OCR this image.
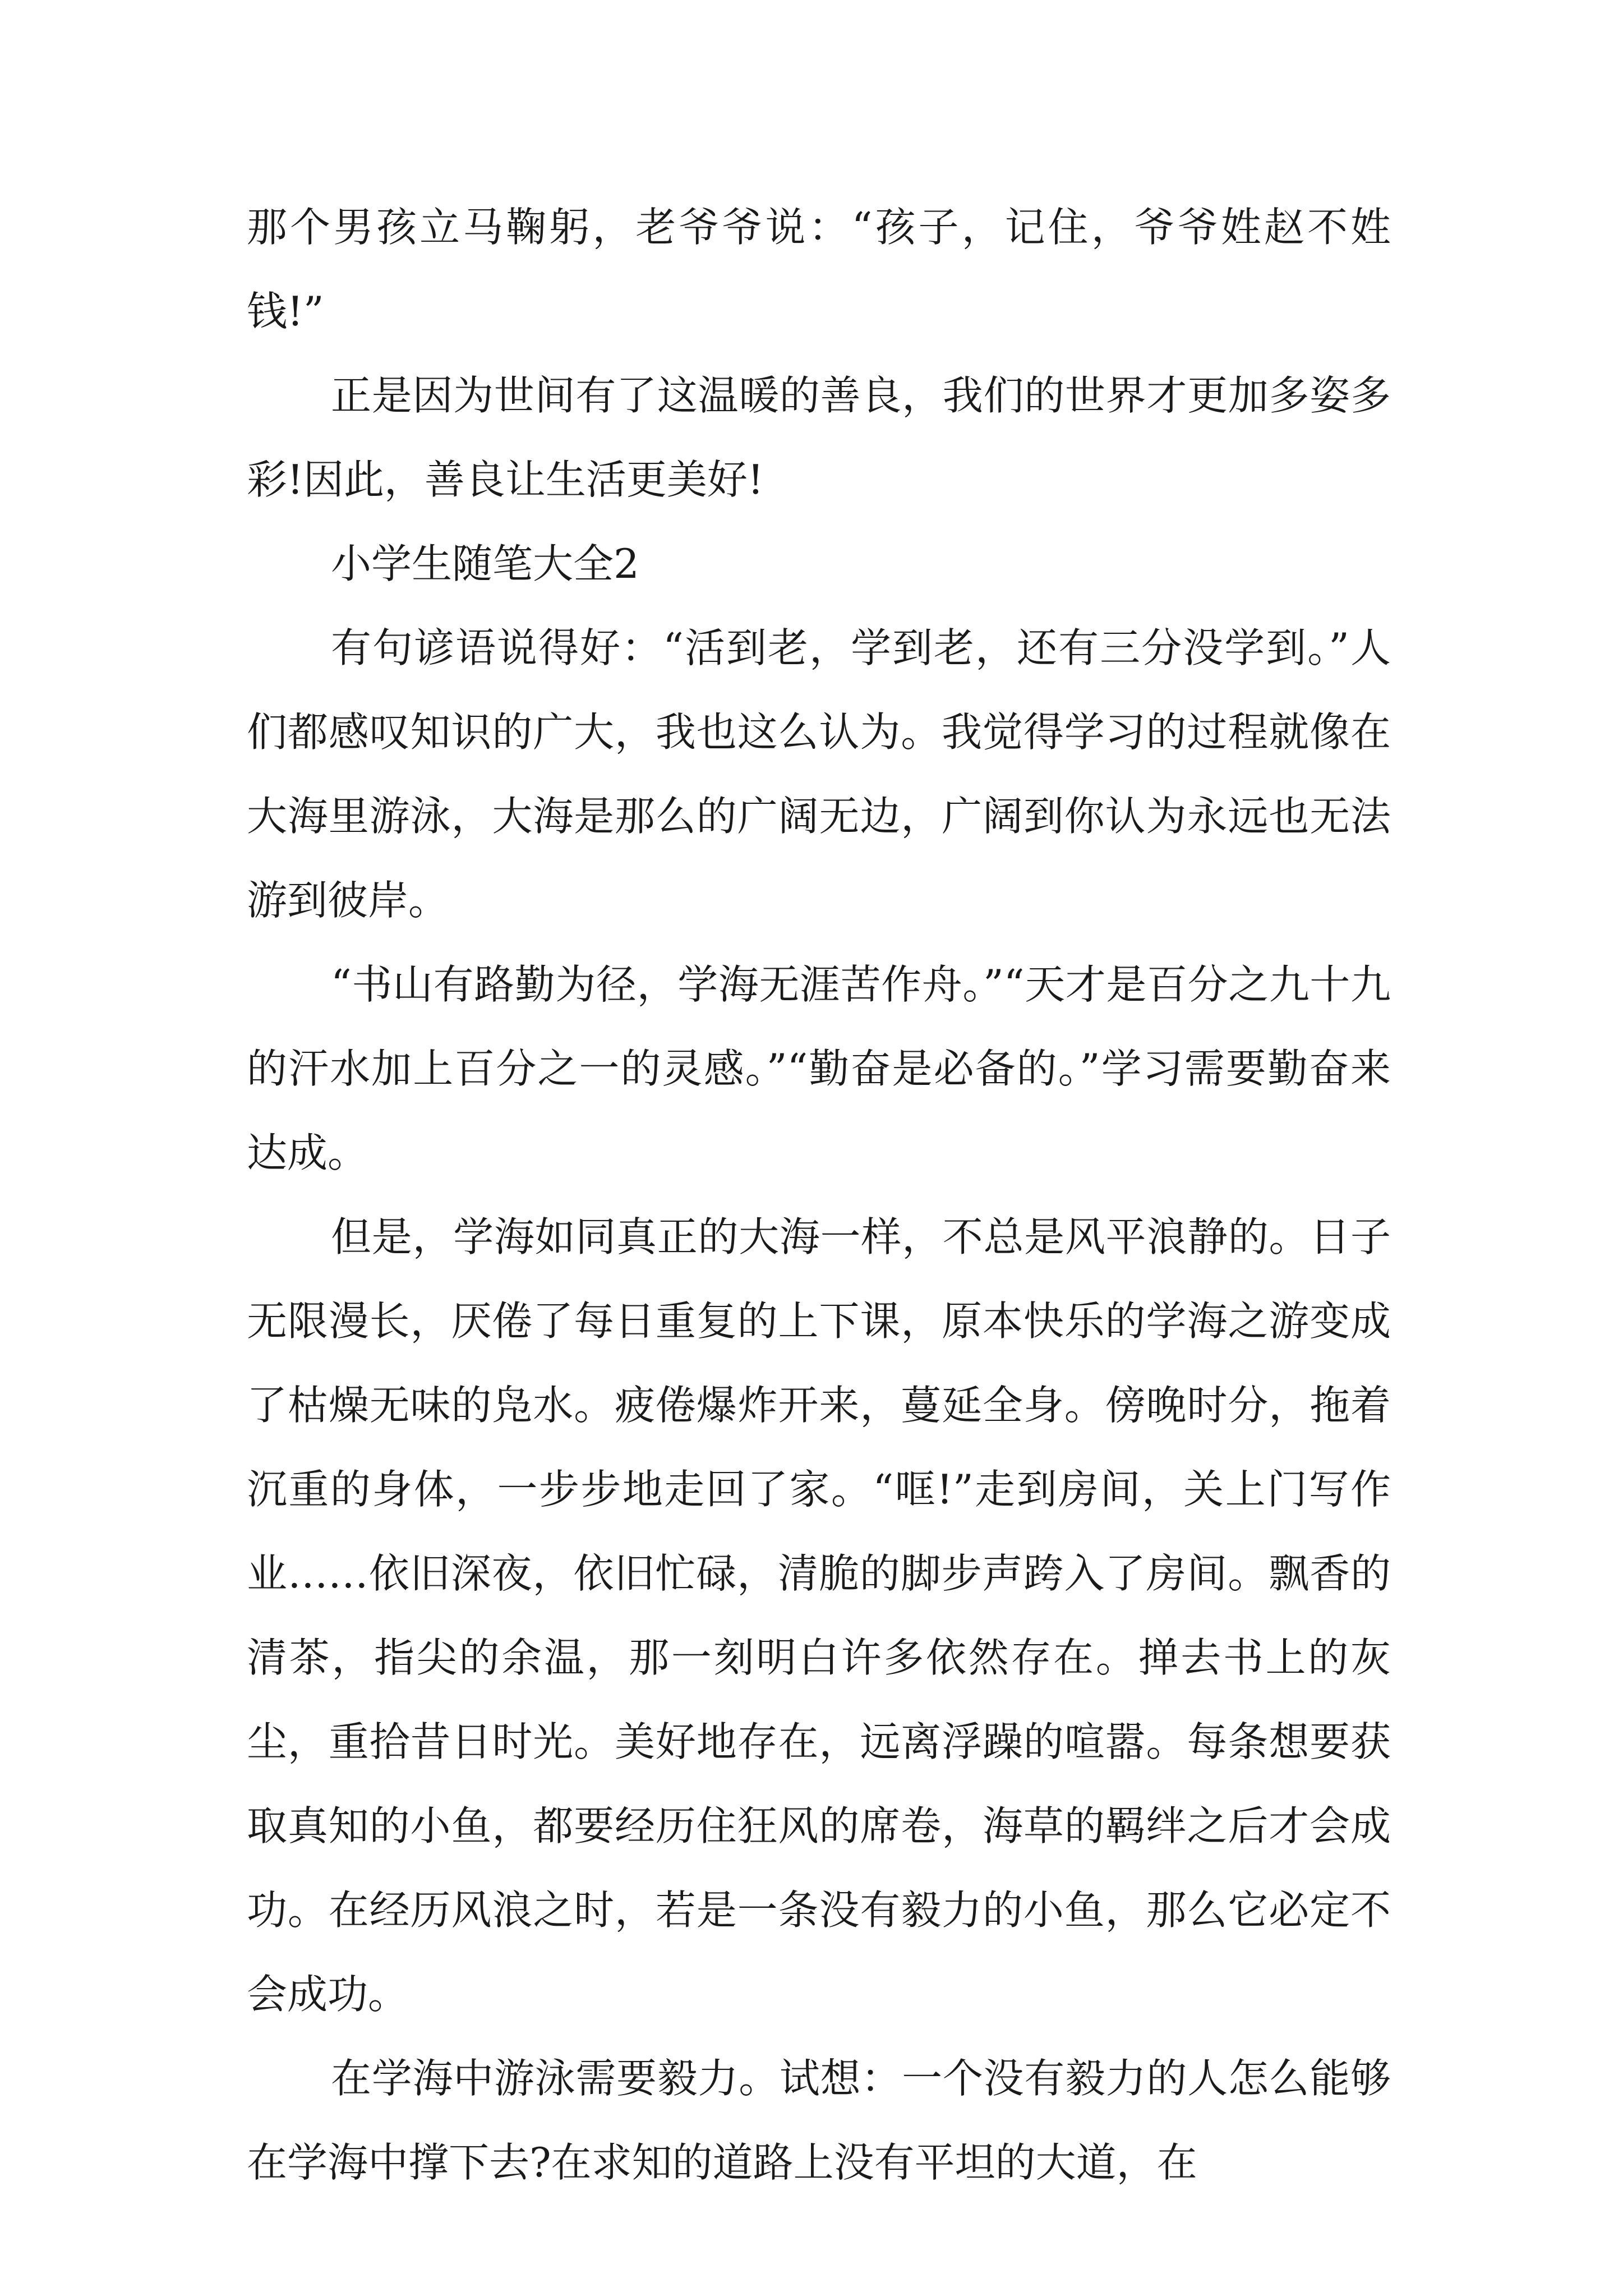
那个男孩立马鞠躬，老爷爷说：“孩子，记住，爷爷姓赵不姓钱!”

正是因为世间有了这温暖的善良，我们的世界才更加多姿多彩!因此，善良让生活更美好!

小学生随笔大全2

有句谚语说得好：“活到老，学到老，还有三分没学到。”人们都感叹知识的广大，我也这么认为。我觉得学习的过程就像在大海里游泳，大海是那么的广阔无边，广阔到你认为永远也无法游到彼岸。

“书山有路勤为径，学海无涯苦作舟。”“天才是百分之九十九的汗水加上百分之一的灵感。”“勤奋是必备的。”学习需要勤奋来达成。

但是，学海如同真正的大海一样，不总是风平浪静的。日子无限漫长，厌倦了每日重复的上下课，原本快乐的学海之游变成了枯燥无味的凫水。疲倦爆炸开来，蔓延全身。傍晚时分，拖着沉重的身体，一步步地走回了家。“哐!”走到房间，关上门写作业……依旧深夜，依旧忙碌，清脆的脚步声跨入了房间。飘香的清茶，指尖的余温，那一刻明白许多依然存在。掸去书上的灰尘，重拾昔日时光。美好地存在，远离浮躁的喧嚣。每条想要获取真知的小鱼，都要经历住狂风的席卷，海草的羁绊之后才会成功。在经历风浪之时，若是一条没有毅力的小鱼，那么它必定不会成功。

在学海中游泳需要毅力。试想：一个没有毅力的人怎么能够在学海中撑下去?在求知的道路上没有平坦的大道，在
